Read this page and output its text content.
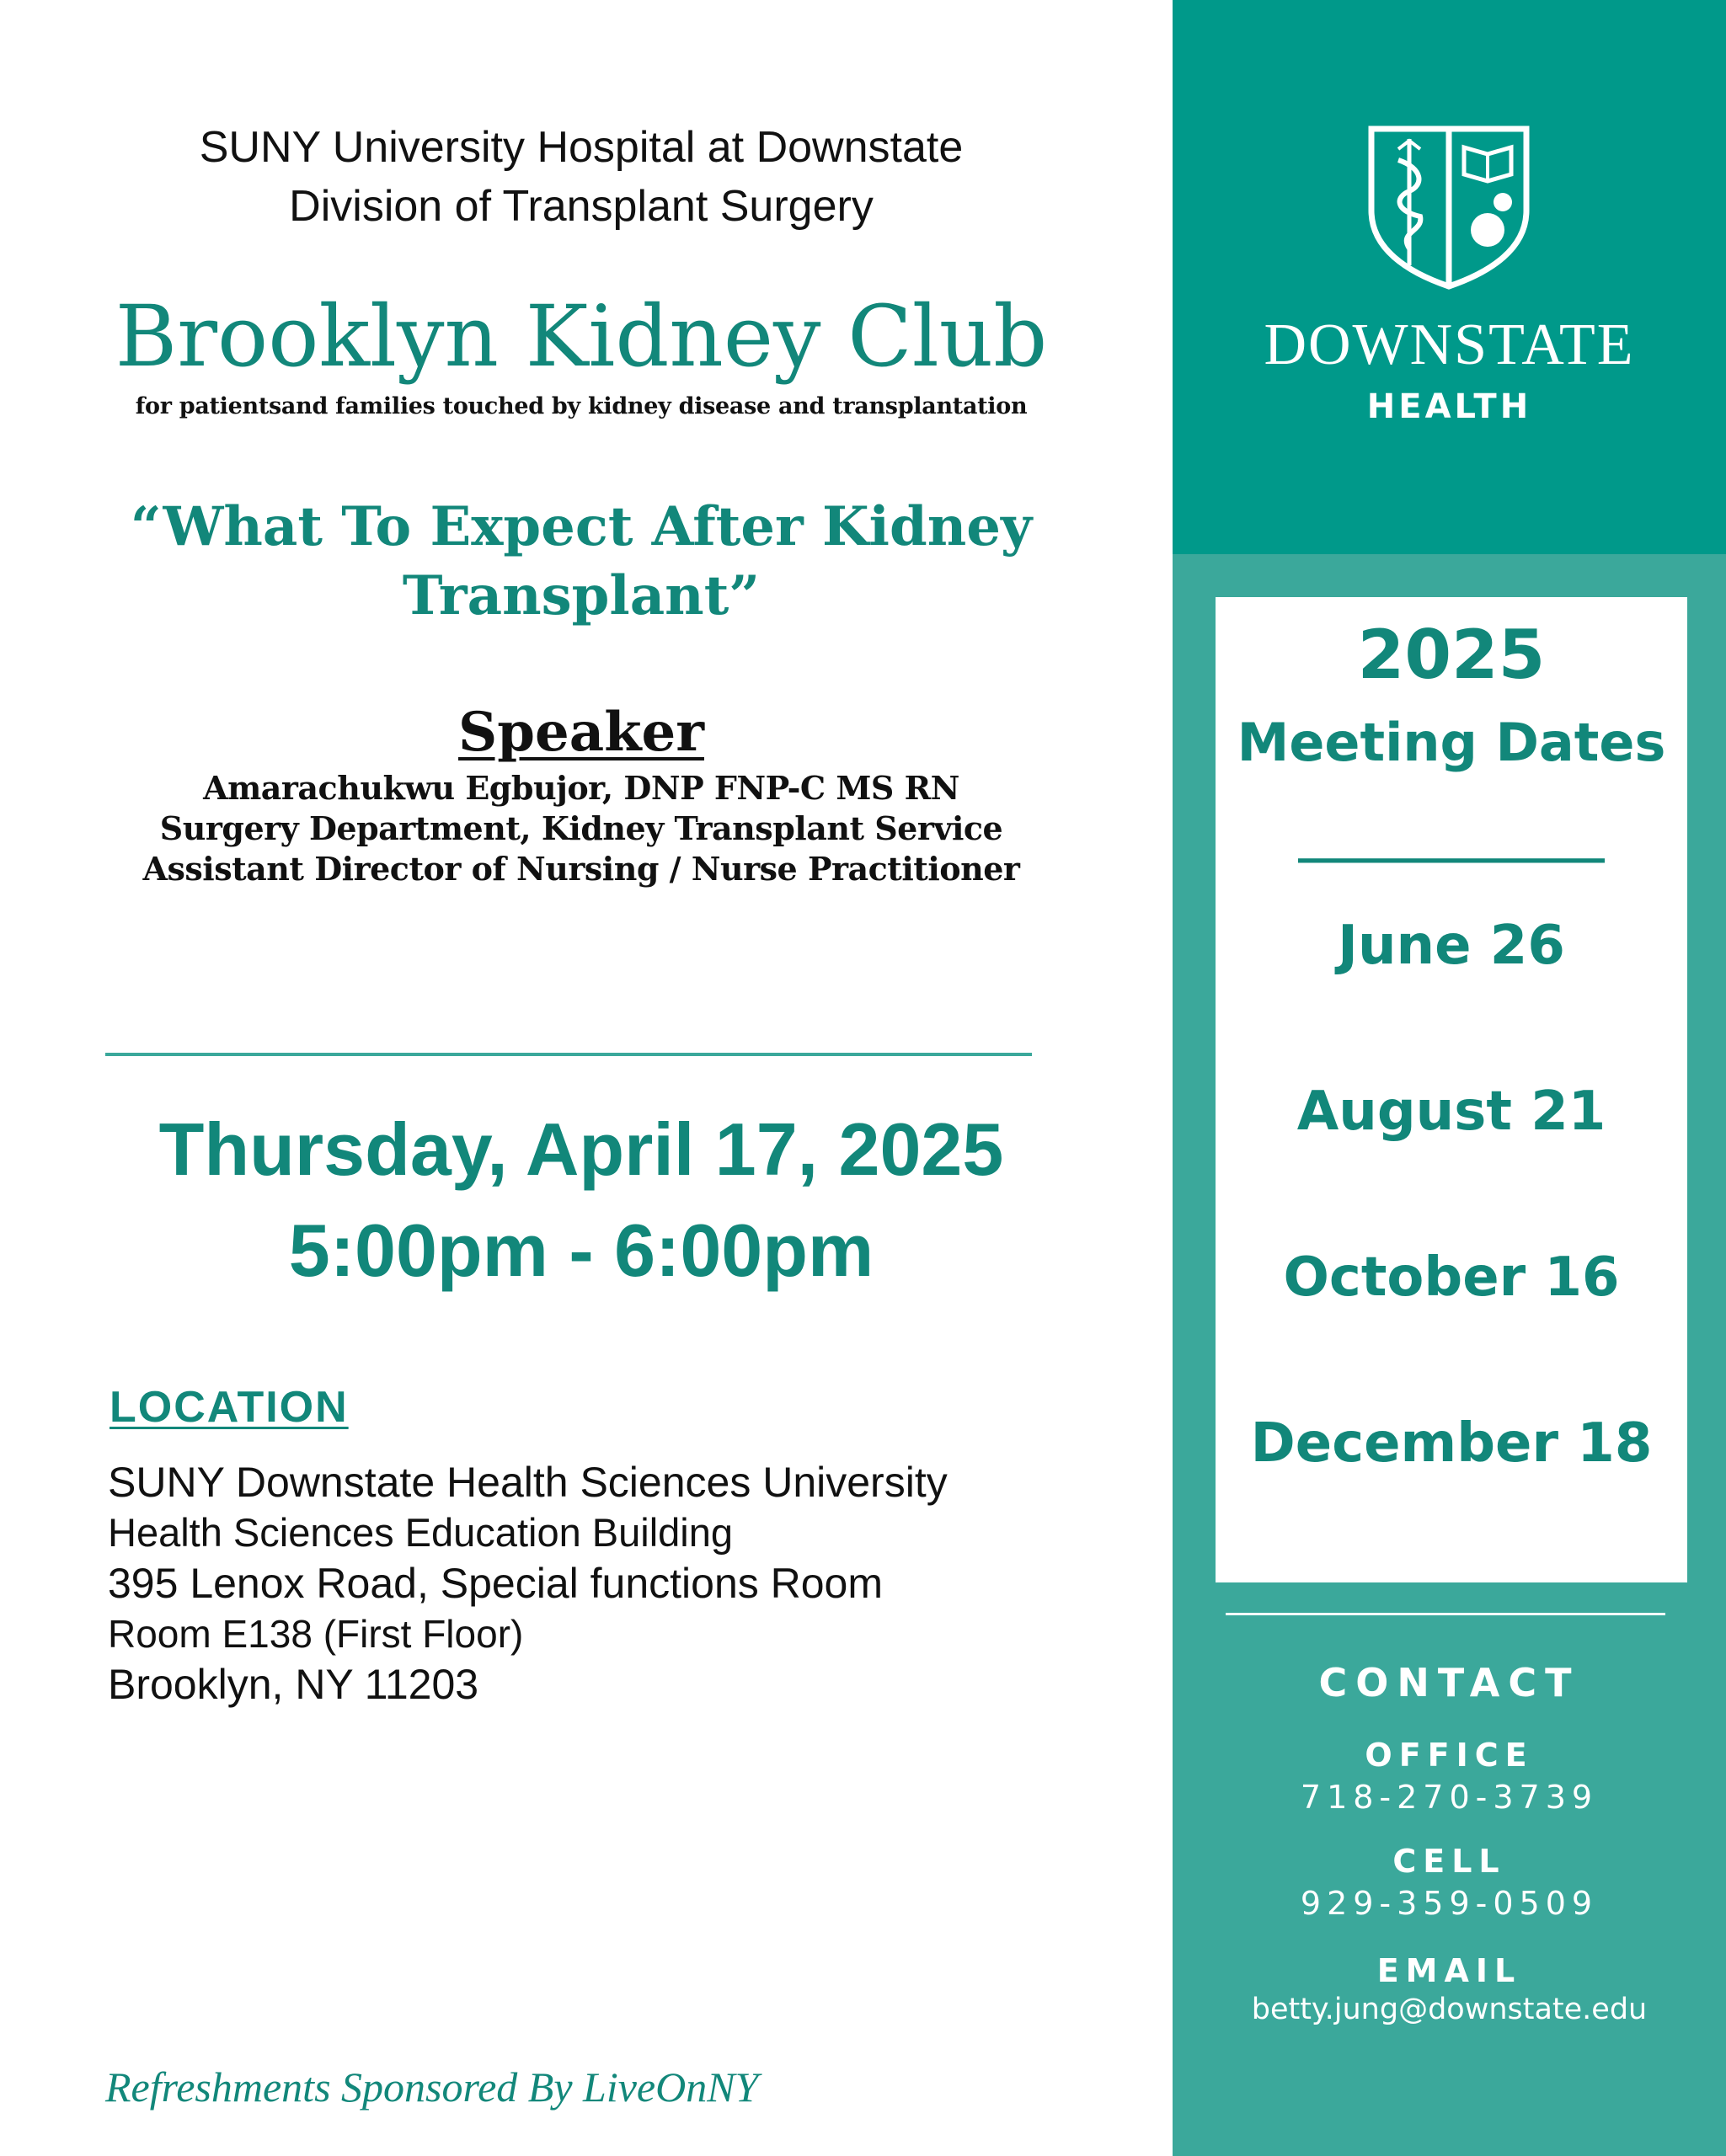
SUNY University Hospital at Downstate
Division of Transplant Surgery
Brooklyn Kidney Club
for patientsand families touched by kidney disease and transplantation
“What To Expect After Kidney
Transplant”
Speaker
Amarachukwu Egbujor, DNP FNP-C MS RN
Surgery Department, Kidney Transplant Service
Assistant Director of Nursing / Nurse Practitioner
Thursday, April 17, 2025
5:00pm - 6:00pm
LOCATION
SUNY Downstate Health Sciences University
Health Sciences Education Building
395 Lenox Road, Special functions Room
Room E138 (First Floor)
Brooklyn, NY 11203
Refreshments Sponsored By LiveOnNY
DOWNSTATE
HEALTH
2025
Meeting Dates
_____________
June 26
August 21
October 16
December 18
CONTACT
OFFICE
718-270-3739
CELL
929-359-0509
EMAIL
betty.jung@downstate.edu
